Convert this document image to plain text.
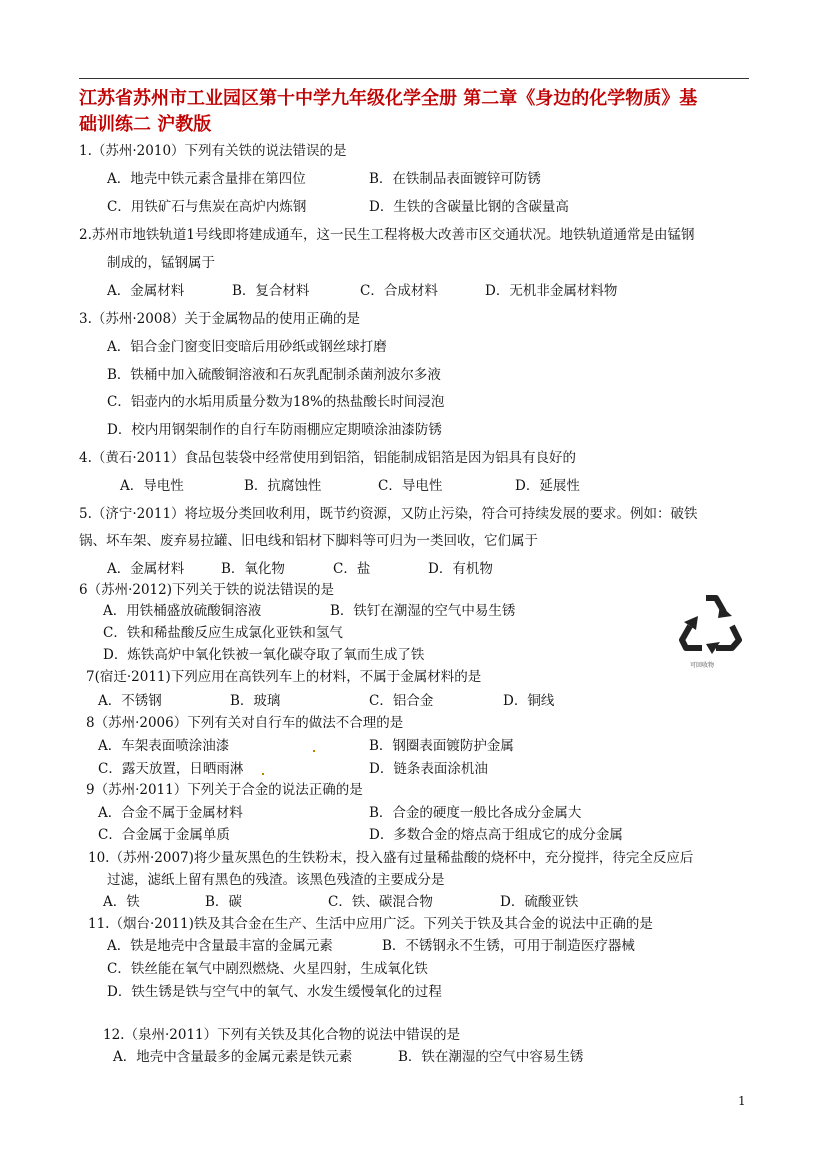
江苏省苏州市工业园区第十中学九年级化学全册 第二章《身边的化学物质》基
础训练二 沪教版
1.（苏州·2010）下列有关铁的说法错误的是
A．地壳中铁元素含量排在第四位	B．在铁制品表面镀锌可防锈
C．用铁矿石与焦炭在高炉内炼钢	D．生铁的含碳量比钢的含碳量高
2.苏州市地铁轨道1号线即将建成通车，这一民生工程将极大改善市区交通状况。地铁轨道通常是由锰钢
制成的，锰钢属于
A．金属材料	B．复合材料	C．合成材料	D．无机非金属材料物
3.（苏州·2008）关于金属物品的使用正确的是
A．铝合金门窗变旧变暗后用砂纸或钢丝球打磨
B．铁桶中加入硫酸铜溶液和石灰乳配制杀菌剂波尔多液
C．铝壶内的水垢用质量分数为18%的热盐酸长时间浸泡
D．校内用钢架制作的自行车防雨棚应定期喷涂油漆防锈
4.（黄石·2011）食品包装袋中经常使用到铝箔，铝能制成铝箔是因为铝具有良好的
A．导电性	B．抗腐蚀性	C．导电性	D．延展性
5.（济宁·2011）将垃圾分类回收利用，既节约资源，又防止污染，符合可持续发展的要求。例如：破铁
锅、坏车架、废弃易拉罐、旧电线和铝材下脚料等可归为一类回收，它们属于
A．金属材料	B．氧化物	C．盐	D．有机物
6（苏州·2012)下列关于铁的说法错误的是
A．用铁桶盛放硫酸铜溶液	B．铁钉在潮湿的空气中易生锈
C．铁和稀盐酸反应生成氯化亚铁和氢气
D．炼铁高炉中氧化铁被一氧化碳夺取了氧而生成了铁
7(宿迁·2011)下列应用在高铁列车上的材料，不属于金属材料的是
A．不锈钢	B．玻璃	C．铝合金	D．铜线
8（苏州·2006）下列有关对自行车的做法不合理的是
A．车架表面喷涂油漆	B．钢圈表面镀防护金属
C．露天放置，日晒雨淋	D．链条表面涂机油
9（苏州·2011）下列关于合金的说法正确的是
A．合金不属于金属材料	B．合金的硬度一般比各成分金属大
C．合金属于金属单质	D．多数合金的熔点高于组成它的成分金属
10.（苏州·2007)将少量灰黑色的生铁粉末，投入盛有过量稀盐酸的烧杯中，充分搅拌，待完全反应后
过滤，滤纸上留有黑色的残渣。该黑色残渣的主要成分是
A．铁	B．碳	C．铁、碳混合物	D．硫酸亚铁
11.（烟台·2011)铁及其合金在生产、生活中应用广泛。下列关于铁及其合金的说法中正确的是
A．铁是地壳中含量最丰富的金属元素	B．不锈钢永不生锈，可用于制造医疗器械
C．铁丝能在氧气中剧烈燃烧、火星四射，生成氧化铁
D．铁生锈是铁与空气中的氧气、水发生缓慢氧化的过程
12.（泉州·2011）下列有关铁及其化合物的说法中错误的是
A．地壳中含量最多的金属元素是铁元素	B．铁在潮湿的空气中容易生锈
可回收物
1
